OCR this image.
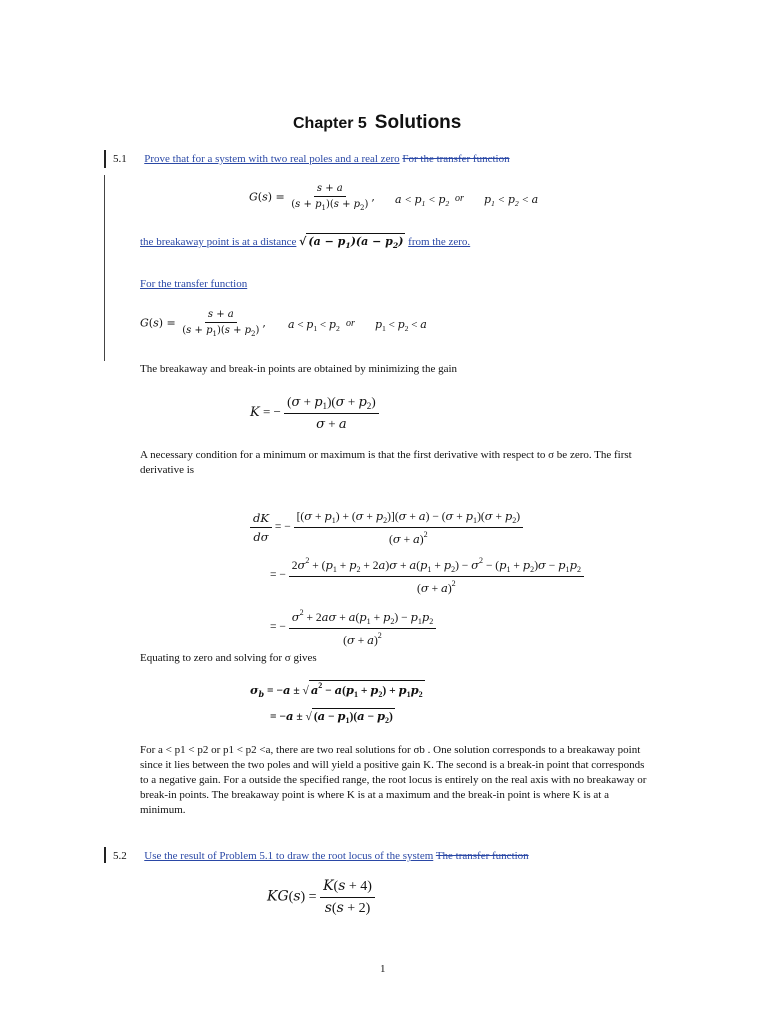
Chapter 5 Solutions
5.1 Prove that for a system with two real poles and a real zero For the transfer function
$G(s) = \frac{s + a}{(s + p_1)(s + p_2)}$ , $a < p_1 < p_2$ or $p_1 < p_2 < a$
the breakaway point is at a distance √ $(a - p_1)(a - p_2)$ from the zero.
For the transfer function
$G(s) = \frac{s + a}{(s + p_1)(s + p_2)}$ , $a < p_1 < p_2$ or $p_1 < p_2 < a$
The breakaway and break-in points are obtained by minimizing the gain
K = − $\frac{(\sigma + p_1)(\sigma + p_2)}{\sigma + a}$
A necessary condition for a minimum or maximum is that the first derivative with respect to σ be zero. The first derivative is
$\frac{dK}{d\sigma}$ = − $\frac{[(\sigma + p_1) + (\sigma + p_2)](\sigma + a) - (\sigma + p_1)(\sigma + p_2)}{(\sigma + a)^2}$
= − $\frac{2\sigma^2 + (p_1 + p_2 + 2a)\sigma + a(p_1 + p_2) - \sigma^2 - (p_1 + p_2)\sigma - p_1p_2}{(\sigma + a)^2}$
= − $\frac{\sigma^2 + 2a\sigma + a(p_1 + p_2) - p_1p_2}{(\sigma + a)^2}$
Equating to zero and solving for σ gives
$\sigma_b = -a$ ± √ $a^2 - a(p_1 + p_2) + p_1p_2$
= −a ± √ $(a - p_1)(a - p_2)$
For a < p1 < p2 or p1 < p2 <a, there are two real solutions for σb . One solution corresponds to a breakaway point since it lies between the two poles and will yield a positive gain K. The second is a break-in point that corresponds to a negative gain. For a outside the specified range, the root locus is entirely on the real axis with no breakaway or break-in points. The breakaway point is where K is at a maximum and the break-in point is where K is at a minimum.
5.2 Use the result of Problem 5.1 to draw the root locus of the system The transfer function
$KG(s) = \frac{K(s + 4)}{s(s + 2)}$
1
